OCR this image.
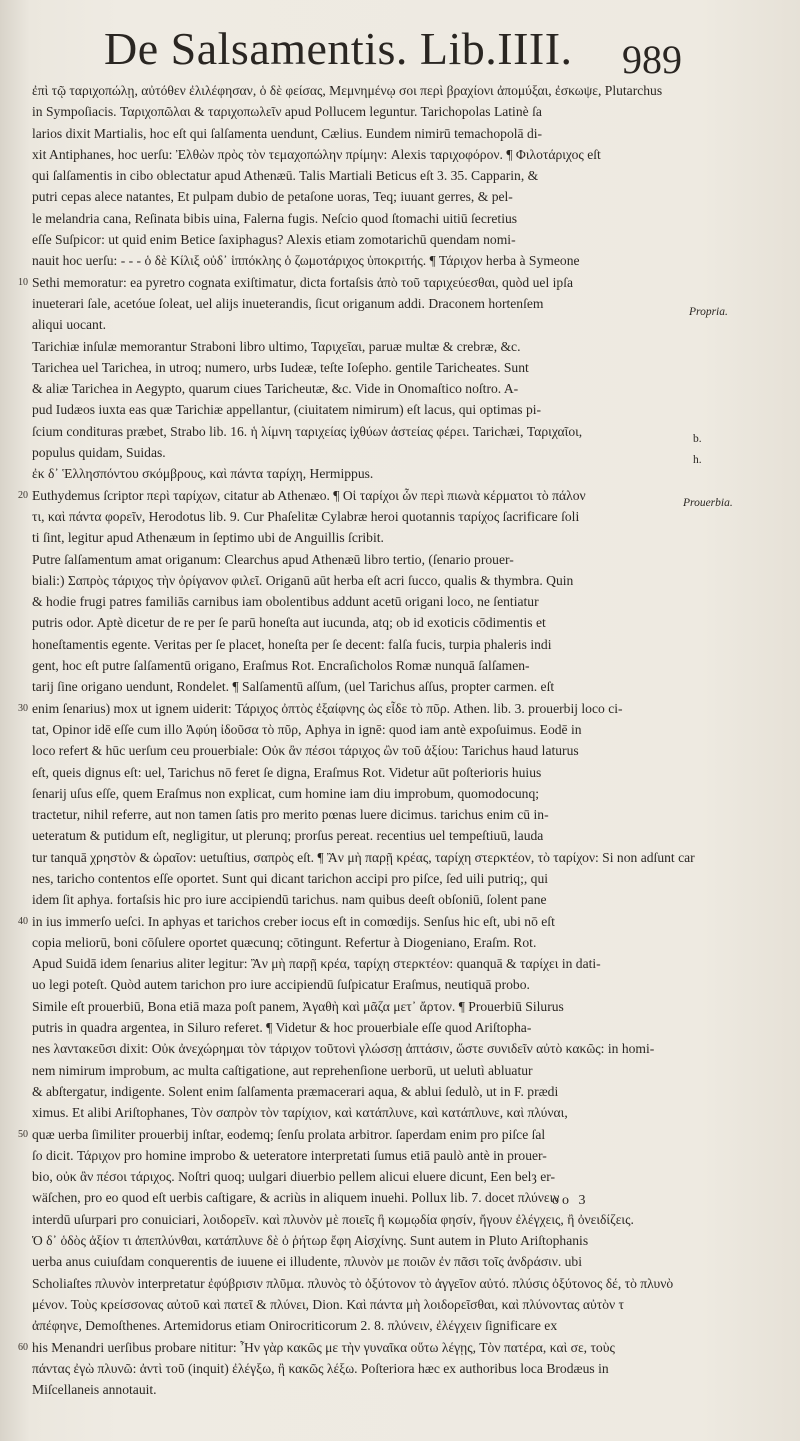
De Salsamentis. Lib.IIII. 989
ἐπὶ τῷ ταριχοπώλῃ, αὐτόθεν ἐλιλέφησαν, ὁ δὲ φείσας, Μεμνημένῳ σοι περὶ βραχίονι ἀπομύξαι, ἐσκωψε, Plutarchus
in Sympoſiacis. Ταριχοπῶλαι & ταριχοπωλεῖν apud Pollucem leguntur. Tarichopolas Latinè ſa
larios dixit Martialis, hoc eſt qui ſalſamenta uendunt, Cælius. Eundem nimirū temachopolā di-
xit Antiphanes, hoc uerſu: Ἐλθὼν πρὸς τὸν τεμαχοπώλην πρίμην: Alexis ταριχοφόρον. ¶ Φιλοτάριχος eſt
qui ſalſamentis in cibo oblectatur apud Athenæū. Talis Martiali Beticus eſt 3. 35. Capparin, &
putri cepas alece natantes, Et pulpam dubio de petaſone uoras, Teq; iuuant gerres, & pel-
le melandria cana, Reſinata bibis uina, Falerna fugis. Neſcio quod ſtomachi uitiū ſecretius
eſſe Suſpicor: ut quid enim Betice ſaxiphagus? Alexis etiam zomotarichū quendam nomi-
nauit hoc uerſu: - - - ὁ δὲ Κίλιξ οὐδ᾽ ἱππόκλης ὁ ζωμοτάριχος ὑποκριτής. ¶ Τάριχον herba à Symeone
10 Sethi memoratur: ea pyretro cognata exiſtimatur, dicta fortaſsis ἀπὸ τοῦ ταριχεύεσθαι, quòd uel ipſa
inueterari ſale, acetóue ſoleat, uel alijs inueterandis, ſicut origanum addi. Draconem hortenſem
aliqui uocant.
Tarichiæ inſulæ memorantur Straboni libro ultimo, Ταριχεῖαι, paruæ multæ & crebræ, &c.
Tarichea uel Tarichea, in utroq; numero, urbs Iudeæ, teſte Ioſepho. gentile Taricheates. Sunt
& aliæ Tarichea in Aegypto, quarum ciues Taricheutæ, &c. Vide in Onomaſtico noſtro. A-
pud Iudæos iuxta eas quæ Tarichiæ appellantur, (ciuitatem nimirum) eſt lacus, qui optimas pi-
ſcium condituras præbet, Strabo lib. 16. ἡ λίμνη ταριχείας ἰχθύων ἀστείας φέρει. Tarichæi, Ταριχαῖοι,
populus quidam, Suidas.
ἐκ δ᾽ Ἑλλησπόντου σκόμβρους, καὶ πάντα ταρίχη, Hermippus.
20 Euthydemus ſcriptor περὶ ταρίχων, citatur ab Athenæo. ¶ Οἱ ταρίχοι ὧν περὶ πιωνὰ κέρματοι τὸ πάλον
τι, καὶ πάντα φορεῖν, Herodotus lib. 9. Cur Phaſelitæ Cylabræ heroi quotannis ταρίχος ſacrificare ſoli
ti ſint, legitur apud Athenæum in ſeptimo ubi de Anguillis ſcribit.
Putre ſalſamentum amat origanum: Clearchus apud Athenæū libro tertio, (ſenario prouer-
biali:) Σαπρὸς τάριχος τὴν ὀρίγανον φιλεῖ. Origanū aūt herba eſt acri ſucco, qualis & thymbra. Quin
& hodie frugi patres familiās carnibus iam obolentibus addunt acetū origani loco, ne ſentiatur
putris odor. Aptè dicetur de re per ſe parū honeſta aut iucunda, atq; ob id exoticis cōdimentis et
honeſtamentis egente. Veritas per ſe placet, honeſta per ſe decent: falſa fucis, turpia phaleris indi
gent, hoc eſt putre ſalſamentū origano, Eraſmus Rot. Encraſicholos Romæ nunquā ſalſamen-
tarij ſine origano uendunt, Rondelet. ¶ Salſamentū aſſum, (uel Tarichus aſſus, propter carmen. eſt
30 enim ſenarius) mox ut ignem uiderit: Τάριχος ὀπτὸς ἐξαίφνης ὡς εἶδε τὸ πῦρ. Athen. lib. 3. prouerbij loco ci-
tat, Opinor idē eſſe cum illo Ἀφύη ἰδοῦσα τὸ πῦρ, Aphya in ignē: quod iam antè expoſuimus. Eodē in
loco refert & hūc uerſum ceu prouerbiale: Οὐκ ἂν πέσοι τάριχος ὢν τοῦ ἀξίου: Tarichus haud laturus
eſt, queis dignus eſt: uel, Tarichus nō feret ſe digna, Eraſmus Rot. Videtur aūt poſterioris huius
ſenarij uſus eſſe, quem Eraſmus non explicat, cum homine iam diu improbum, quomodocunq;
tractetur, nihil referre, aut non tamen ſatis pro merito pœnas luere dicimus. tarichus enim cū in-
ueteratum & putidum eſt, negligitur, ut plerunq; prorſus pereat. recentius uel tempeſtiuū, lauda
tur tanquā χρηστὸν & ὡραῖον: uetuſtius, σαπρὸς eſt. ¶ Ἂν μὴ παρῇ κρέας, ταρίχη στερκτέον, τὸ ταρίχον: Si non adſunt car
nes, taricho contentos eſſe oportet. Sunt qui dicant tarichon accipi pro piſce, ſed uili putriq;, qui
idem ſit aphya. fortaſsis hic pro iure accipiendū tarichus. nam quibus deeſt obſoniū, ſolent pane
40 in ius immerſo ueſci. In aphyas et tarichos creber iocus eſt in comœdijs. Senſus hic eſt, ubi nō eſt
copia meliorū, boni cōſulere oportet quæcunq; cōtingunt. Refertur à Diogeniano, Eraſm. Rot.
Apud Suidā idem ſenarius aliter legitur: Ἂν μὴ παρῇ κρέα, ταρίχη στερκτέον: quanquā & ταρίχει in dati-
uo legi poteſt. Quòd autem tarichon pro iure accipiendū ſuſpicatur Eraſmus, neutiquā probo.
Simile eſt prouerbiū, Bona etiā maza poſt panem, Ἀγαθὴ καὶ μᾶζα μετ᾽ ἄρτον. ¶ Prouerbiū Silurus
putris in quadra argentea, in Siluro referet. ¶ Videtur & hoc prouerbiale eſſe quod Ariſtopha-
nes λαντακεῦσι dixit: Οὐκ ἀνεχώρημαι τὸν τάριχον τοῦτονὶ γλώσσῃ ἀπτάσιν, ὥστε συνιδεῖν αὐτὸ κακῶς: in homi-
nem nimirum improbum, ac multa caſtigatione, aut reprehenſione uerborū, ut uelutì abluatur
& abſtergatur, indigente. Solent enim ſalſamenta præmacerari aqua, & ablui ſedulò, ut in F. prædi
ximus. Et alibi Ariſtophanes, Τὸν σαπρὸν τὸν ταρίχιον, καὶ κατάπλυνε, καὶ κατάπλυνε, καὶ πλύναι,
50 quæ uerba ſimiliter prouerbij inſtar, eodemq; ſenſu prolata arbitror. ſaperdam enim pro piſce ſal
ſo dicit. Τάριχον pro homine improbo & ueteratore interpretati ſumus etiā paulò antè in prouer-
bio, οὐκ ἂν πέσοι τάριχος. Noſtri quoq; uulgari diuerbio pellem alicui eluere dicunt, Een belȝ er-
wäſchen, pro eo quod eſt uerbis caſtigare, & acriùs in aliquem inuehi. Pollux lib. 7. docet πλύνειν
interdū uſurpari pro conuiciari, λοιδορεῖν. καὶ πλυνὸν μὲ ποιεῖς ἢ κωμῳδία φησίν, ἤγουν ἐλέγχεις, ἢ ὀνειδίζεις.
Ὁ δ᾽ ὁδὸς ἀξίον τι ἀπεπλύνθαι, κατάπλυνε δὲ ὁ ῥήτωρ ἔφη Αἰσχίνης. Sunt autem in Pluto Ariſtophanis
uerba anus cuiuſdam conquerentis de iuuene ei illudente, πλυνὸν με ποιῶν ἐν πᾶσι τοῖς ἀνδράσιν. ubi
Scholiaſtes πλυνὸν interpretatur ἐφύβρισιν πλῦμα. πλυνὸς τὸ ὀξύτονον τὸ ἀγγεῖον αὐτό. πλύσις ὀξύτονος δέ, τὸ πλυνὸ
μένον. Τοὺς κρείσσονας αὐτοῦ καὶ πατεῖ & πλύνει, Dion. Καὶ πάντα μὴ λοιδορεῖσθαι, καὶ πλύνοντας αὐτὸν τ
ἀπέφηνε, Demoſthenes. Artemidorus etiam Onirocriticorum 2. 8. πλύνειν, ἐλέγχειν ſignificare ex
60 his Menandri uerſibus probare nititur: Ἦν γὰρ κακῶς με τὴν γυναῖκα οὕτω λέγῃς, Τὸν πατέρα, καὶ σε, τοὺς
πάντας ἐγὼ πλυνῶ: ἀντὶ τοῦ (inquit) ἐλέγξω, ἢ κακῶς λέξω. Poſteriora hæc ex authoribus loca Brodæus in
Miſcellaneis annotauit.
Propria.
b.
h.
Prouerbia.
oo 3
